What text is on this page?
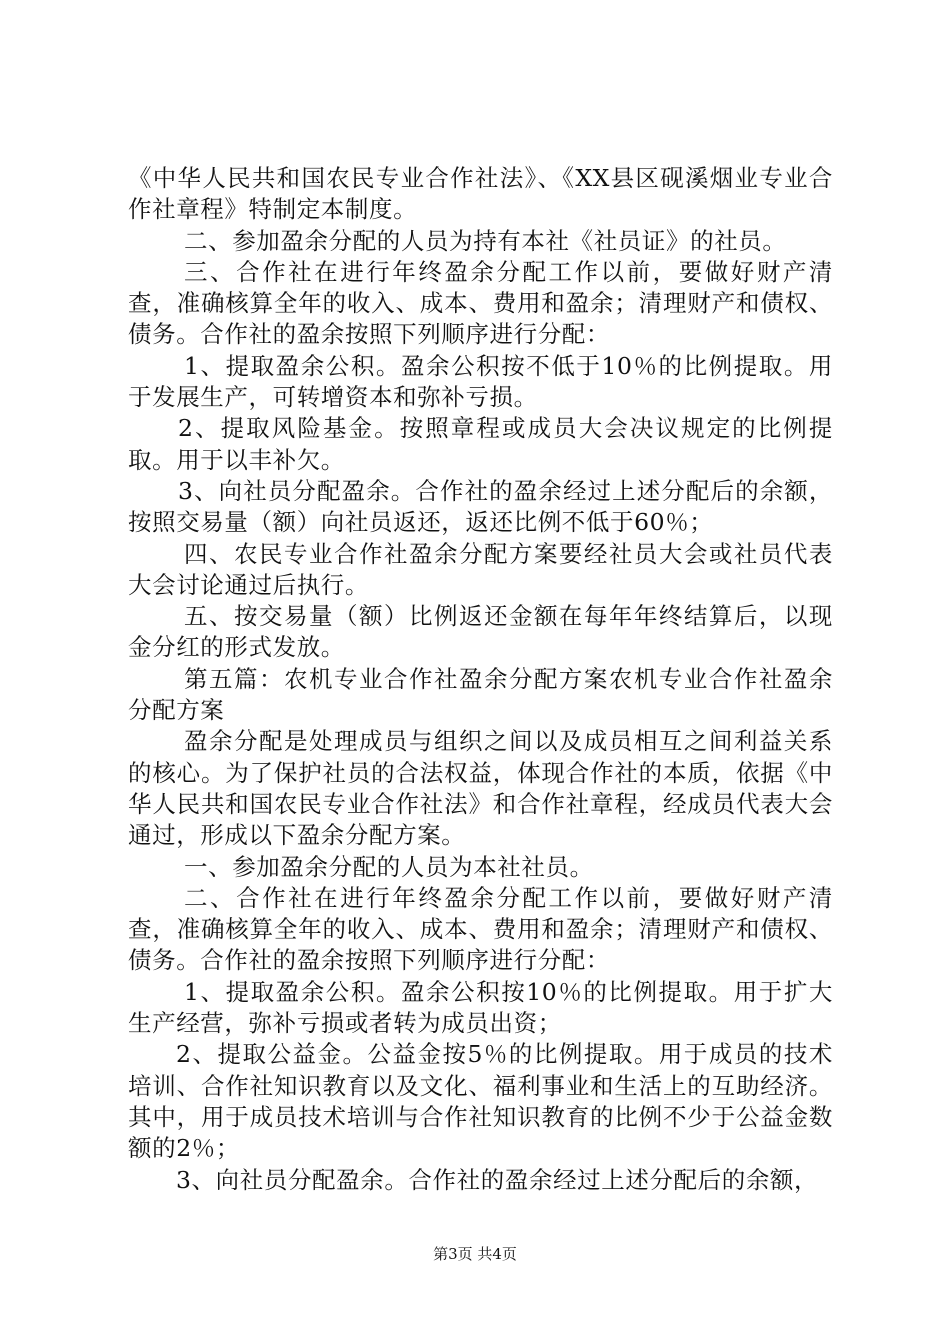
《中华人民共和国农民专业合作社法》、《XX县区砚溪烟业专业合作社章程》特制定本制度。

二、参加盈余分配的人员为持有本社《社员证》的社员。

三、合作社在进行年终盈余分配工作以前，要做好财产清查，准确核算全年的收入、成本、费用和盈余；清理财产和债权、债务。合作社的盈余按照下列顺序进行分配：

1、提取盈余公积。盈余公积按不低于10％的比例提取。用于发展生产，可转增资本和弥补亏损。

2、提取风险基金。按照章程或成员大会决议规定的比例提取。用于以丰补欠。

3、向社员分配盈余。合作社的盈余经过上述分配后的余额，按照交易量（额）向社员返还，返还比例不低于60％；

四、农民专业合作社盈余分配方案要经社员大会或社员代表大会讨论通过后执行。

五、按交易量（额）比例返还金额在每年年终结算后，以现金分红的形式发放。

第五篇：农机专业合作社盈余分配方案农机专业合作社盈余分配方案

盈余分配是处理成员与组织之间以及成员相互之间利益关系的核心。为了保护社员的合法权益，体现合作社的本质，依据《中华人民共和国农民专业合作社法》和合作社章程，经成员代表大会通过，形成以下盈余分配方案。

一、参加盈余分配的人员为本社社员。

二、合作社在进行年终盈余分配工作以前，要做好财产清查，准确核算全年的收入、成本、费用和盈余；清理财产和债权、债务。合作社的盈余按照下列顺序进行分配：

1、提取盈余公积。盈余公积按10％的比例提取。用于扩大生产经营，弥补亏损或者转为成员出资；

2、提取公益金。公益金按5％的比例提取。用于成员的技术培训、合作社知识教育以及文化、福利事业和生活上的互助经济。其中，用于成员技术培训与合作社知识教育的比例不少于公益金数额的2％；

3、向社员分配盈余。合作社的盈余经过上述分配后的余额，

第3页 共4页
